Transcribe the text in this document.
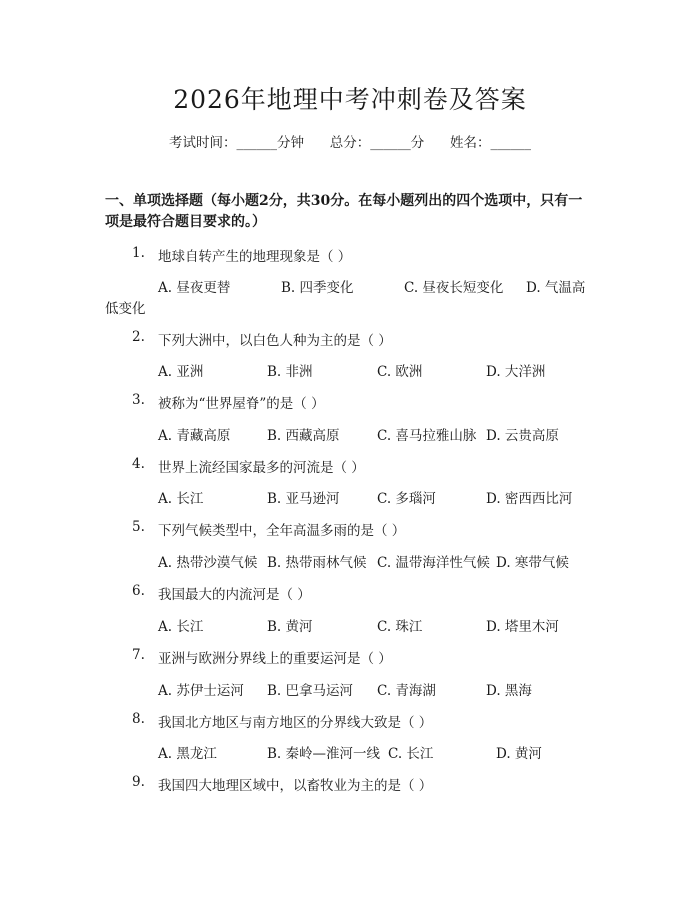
2026年地理中考冲刺卷及答案
考试时间：______分钟 总分：______分 姓名：______
一、单项选择题（每小题2分，共30分。在每小题列出的四个选项中，只有一项是最符合题目要求的。）
1. 地球自转产生的地理现象是（ ）
A. 昼夜更替	B. 四季变化	C. 昼夜长短变化 D. 气温高
低变化
2. 下列大洲中，以白色人种为主的是（ ）
A. 亚洲	B. 非洲	C. 欧洲	D. 大洋洲
3. 被称为“世界屋脊”的是（ ）
A. 青藏高原	B. 西藏高原	C. 喜马拉雅山脉 D. 云贵高原
4. 世界上流经国家最多的河流是（ ）
A. 长江	B. 亚马逊河	C. 多瑙河	D. 密西西比河
5. 下列气候类型中，全年高温多雨的是（ ）
A. 热带沙漠气候 B. 热带雨林气候 C. 温带海洋性气候 D. 寒带气候
6. 我国最大的内流河是（ ）
A. 长江	B. 黄河	C. 珠江	D. 塔里木河
7. 亚洲与欧洲分界线上的重要运河是（ ）
A. 苏伊士运河 B. 巴拿马运河 C. 青海湖	D. 黑海
8. 我国北方地区与南方地区的分界线大致是（ ）
A. 黑龙江	B. 秦岭—淮河一线 C. 长江	D. 黄河
9. 我国四大地理区域中，以畜牧业为主的是（ ）
